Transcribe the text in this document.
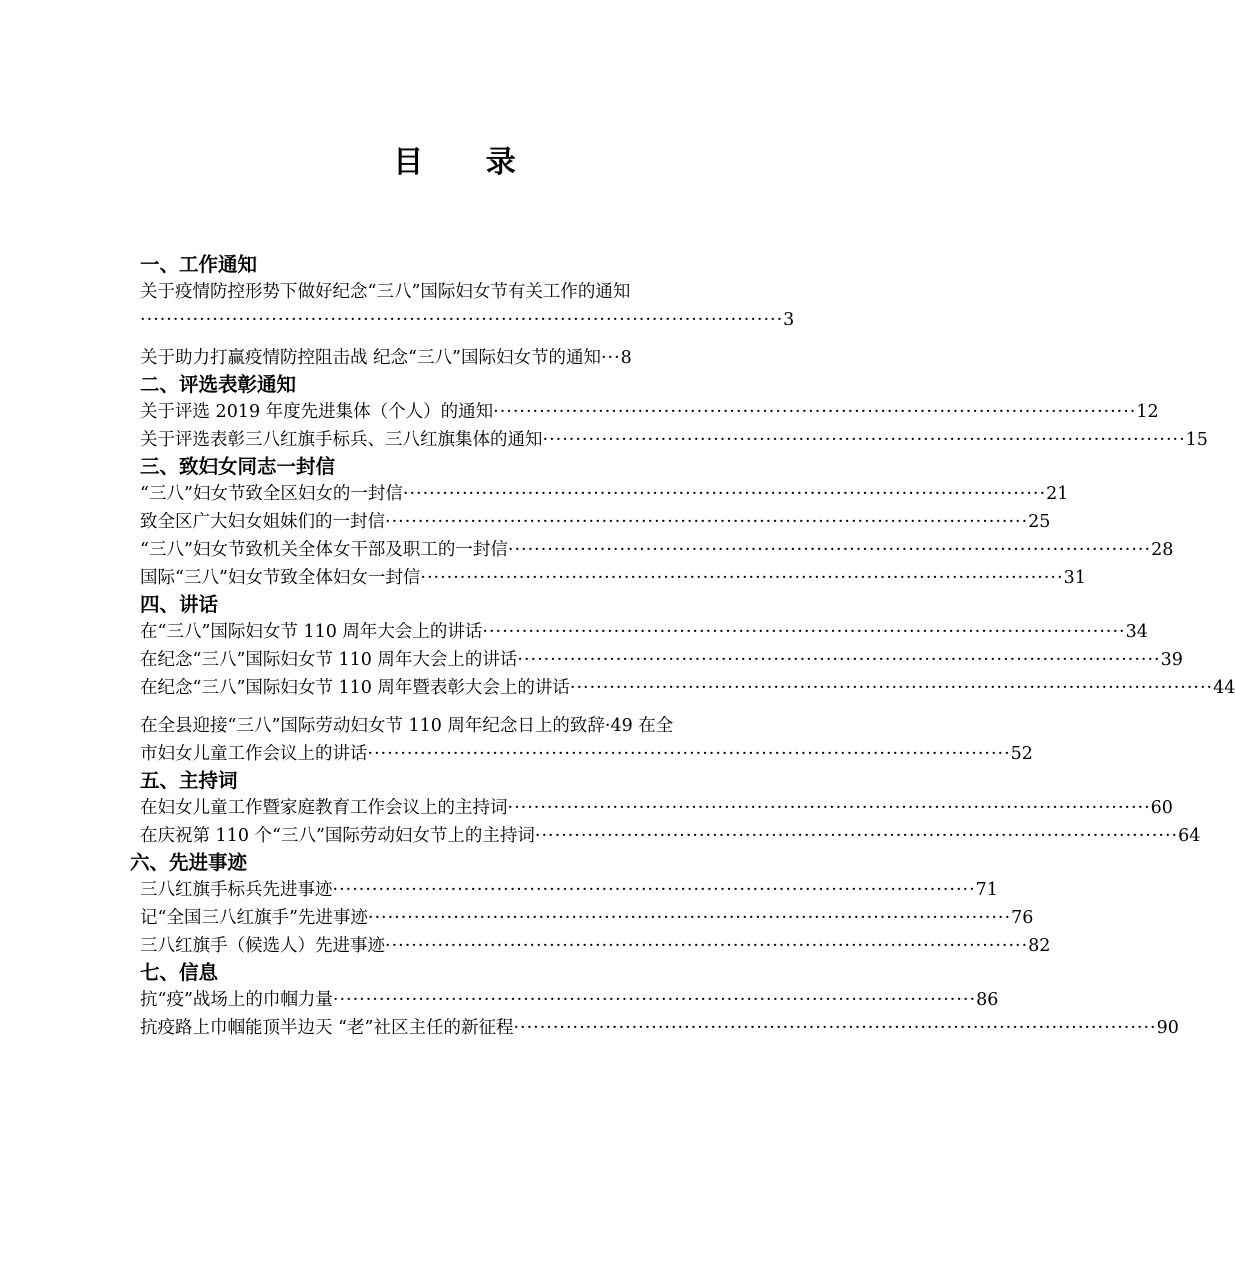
目 录
一、工作通知
关于疫情防控形势下做好纪念“三八”国际妇女节有关工作的通知
·································································································· 3
关于助力打赢疫情防控阻击战 纪念“三八”国际妇女节的通知 ··· 8
二、评选表彰通知
关于评选 2019 年度先进集体（个人）的通知 ·································································································· 12
关于评选表彰三八红旗手标兵、三八红旗集体的通知 ·································································································· 15
三、致妇女同志一封信
“三八”妇女节致全区妇女的一封信 ·································································································· 21
致全区广大妇女姐妹们的一封信 ·································································································· 25
“三八”妇女节致机关全体女干部及职工的一封信 ·································································································· 28
国际“三八”妇女节致全体妇女一封信 ·································································································· 31
四、讲话
在“三八”国际妇女节 110 周年大会上的讲话 ·································································································· 34
在纪念“三八”国际妇女节 110 周年大会上的讲话 ·································································································· 39
在纪念“三八”国际妇女节 110 周年暨表彰大会上的讲话 ·································································································· 44
在全县迎接“三八”国际劳动妇女节 110 周年纪念日上的致辞·49 在全
市妇女儿童工作会议上的讲话 ·································································································· 52
五、主持词
在妇女儿童工作暨家庭教育工作会议上的主持词 ·································································································· 60
在庆祝第 110 个“三八”国际劳动妇女节上的主持词 ·································································································· 64
六、先进事迹
三八红旗手标兵先进事迹 ·································································································· 71
记“全国三八红旗手”先进事迹 ·································································································· 76
三八红旗手（候选人）先进事迹 ·································································································· 82
七、信息
抗“疫”战场上的巾帼力量 ·································································································· 86
抗疫路上巾帼能顶半边天 “老”社区主任的新征程 ·································································································· 90
